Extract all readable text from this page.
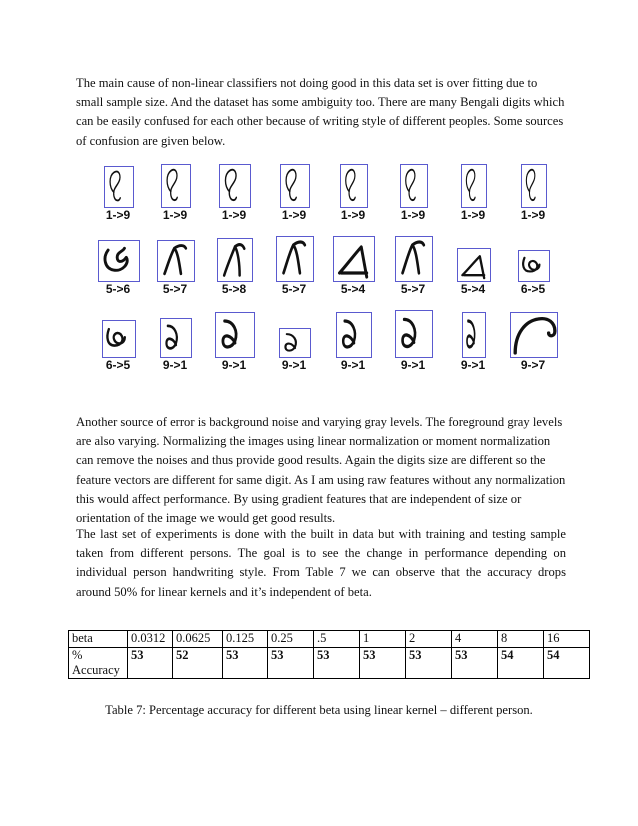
The main cause of non-linear classifiers not doing good in this data set is over fitting due to small sample size. And the dataset has some ambiguity too. There are many Bengali digits which can be easily confused for each other because of writing style of different peoples. Some sources of confusion are given below.

1->9	1->9	1->9	1->9	1->9	1->9	1->9	1->9
5->6	5->7	5->8	5->7	5->4	5->7	5->4	6->5
6->5	9->1	9->1	9->1	9->1	9->1	9->1	9->7

Another source of error is background noise and varying gray levels. The foreground gray levels are also varying. Normalizing the images using linear normalization or moment normalization can remove the noises and thus provide good results. Again the digits size are different so the feature vectors are different for same digit. As I am using raw features without any normalization this would affect performance. By using gradient features that are independent of size or orientation of the image we would get good results.

The last set of experiments is done with the built in data but with training and testing sample taken from different persons. The goal is to see the change in performance depending on individual person handwriting style. From Table 7 we can observe that the accuracy drops around 50% for linear kernels and it’s independent of beta.

beta	0.0312	0.0625	0.125	0.25	.5	1	2	4	8	16
%
Accuracy	53	52	53	53	53	53	53	53	54	54
Table 7: Percentage accuracy for different beta using linear kernel – different person.
